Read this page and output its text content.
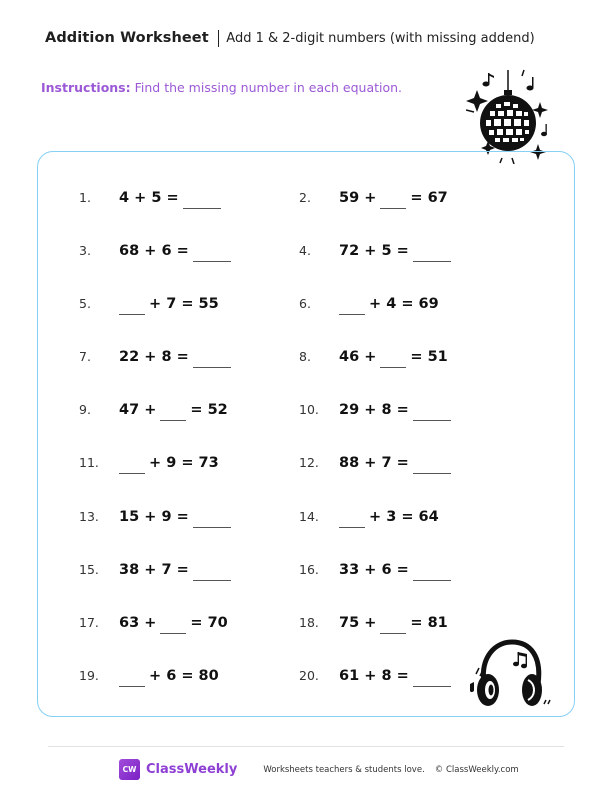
Addition Worksheet Add 1 & 2-digit numbers (with missing addend)
Instructions: Find the missing number in each equation.
1.	4 + 5 =	2.	59 + = 67
3.	68 + 6 =	4.	72 + 5 =
5.	+ 7 = 55	6.	+ 4 = 69
7.	22 + 8 =	8.	46 + = 51
9.	47 + = 52	10.	29 + 8 =
11.	+ 9 = 73	12.	88 + 7 =
13.	15 + 9 =	14.	+ 3 = 64
15.	38 + 7 =	16.	33 + 6 =
17.	63 + = 70	18.	75 + = 81
19.	+ 6 = 80	20.	61 + 8 =
CW ClassWeekly	Worksheets teachers & students love. © ClassWeekly.com
